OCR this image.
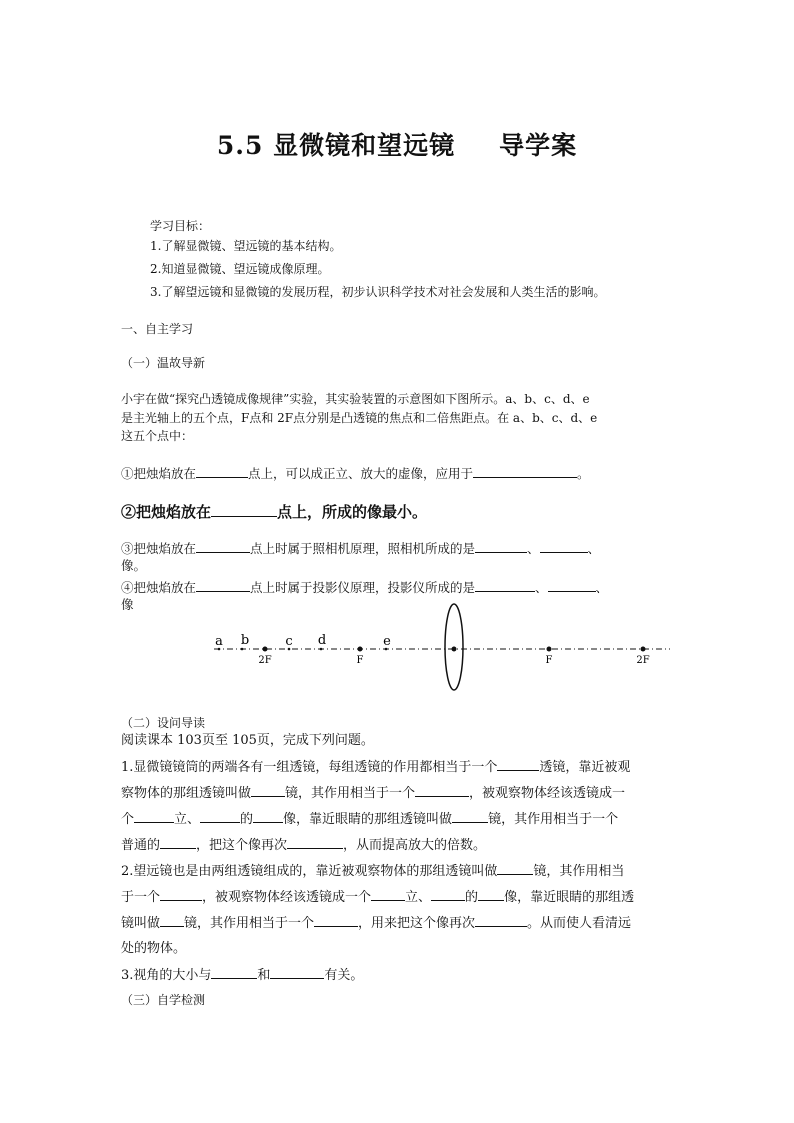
5.5 显微镜和望远镜 导学案
学习目标：
1.了解显微镜、望远镜的基本结构。
2.知道显微镜、望远镜成像原理。
3.了解望远镜和显微镜的发展历程，初步认识科学技术对社会发展和人类生活的影响。
一、自主学习
（一）温故导新
小宇在做“探究凸透镜成像规律”实验，其实验装置的示意图如下图所示。a、b、c、d、e
是主光轴上的五个点，F点和 2F点分别是凸透镜的焦点和二倍焦距点。在 a、b、c、d、e
这五个点中：
①把烛焰放在	点上，可以成正立、放大的虚像，应用于	。
②把烛焰放在	点上，所成的像最小。
③把烛焰放在	点上时属于照相机原理，照相机所成的是	、	、
像。
④把烛焰放在	点上时属于投影仪原理，投影仪所成的是	、	、
像
a b	c d	e
2F	F	F	2F
（二）设问导读
阅读课本 103页至 105页，完成下列问题。
1.显微镜镜筒的两端各有一组透镜，每组透镜的作用都相当于一个	透镜，靠近被观
察物体的那组透镜叫做	镜，其作用相当于一个	，被观察物体经该透镜成一
个	立、	的 像，靠近眼睛的那组透镜叫做	镜，其作用相当于一个
普通的	，把这个像再次	，从而提高放大的倍数。
2.望远镜也是由两组透镜组成的，靠近被观察物体的那组透镜叫做	镜，其作用相当
于一个	，被观察物体经该透镜成一个	立、	的 像，靠近眼睛的那组透
镜叫做 镜，其作用相当于一个	，用来把这个像再次	。从而使人看清远
处的物体。
3.视角的大小与	和	有关。
（三）自学检测
